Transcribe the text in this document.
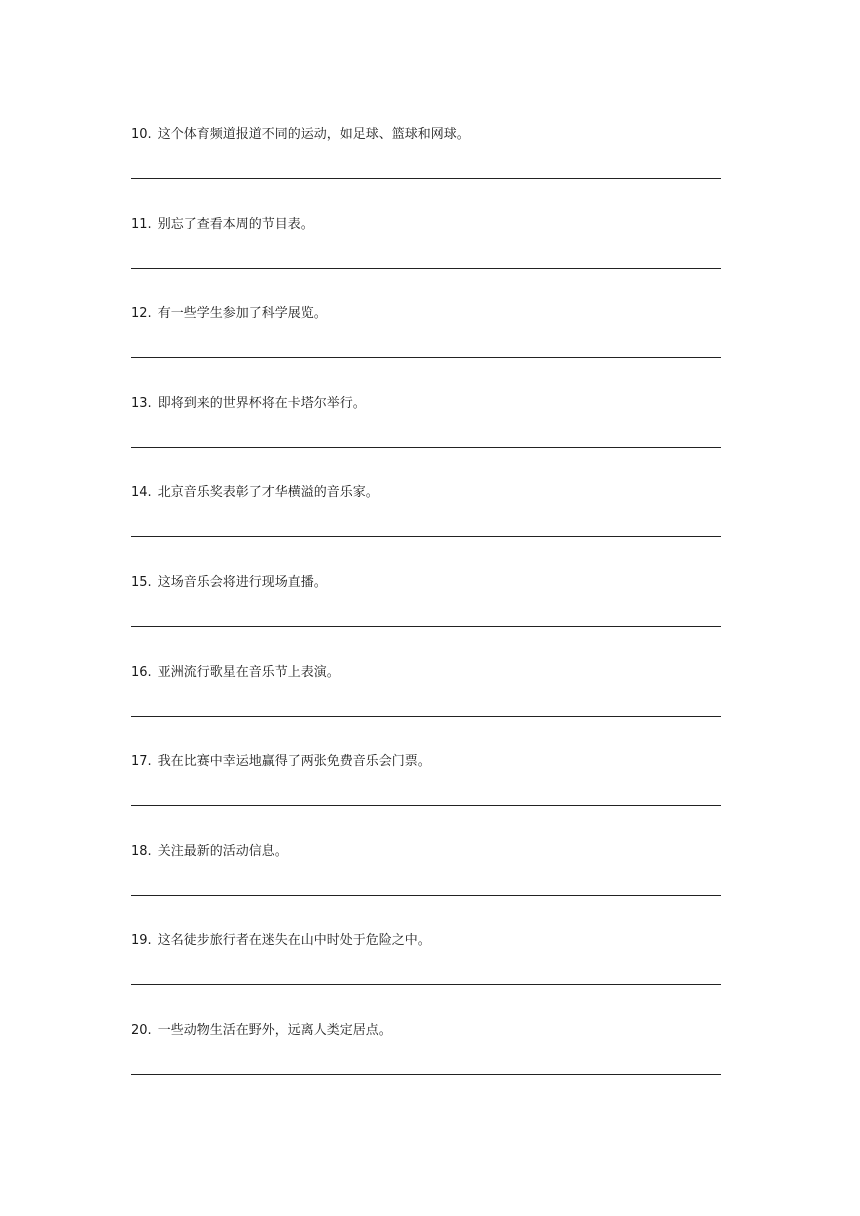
10. 这个体育频道报道不同的运动，如足球、篮球和网球。
11. 别忘了查看本周的节目表。
12. 有一些学生参加了科学展览。
13. 即将到来的世界杯将在卡塔尔举行。
14. 北京音乐奖表彰了才华横溢的音乐家。
15. 这场音乐会将进行现场直播。
16. 亚洲流行歌星在音乐节上表演。
17. 我在比赛中幸运地赢得了两张免费音乐会门票。
18. 关注最新的活动信息。
19. 这名徒步旅行者在迷失在山中时处于危险之中。
20. 一些动物生活在野外，远离人类定居点。
